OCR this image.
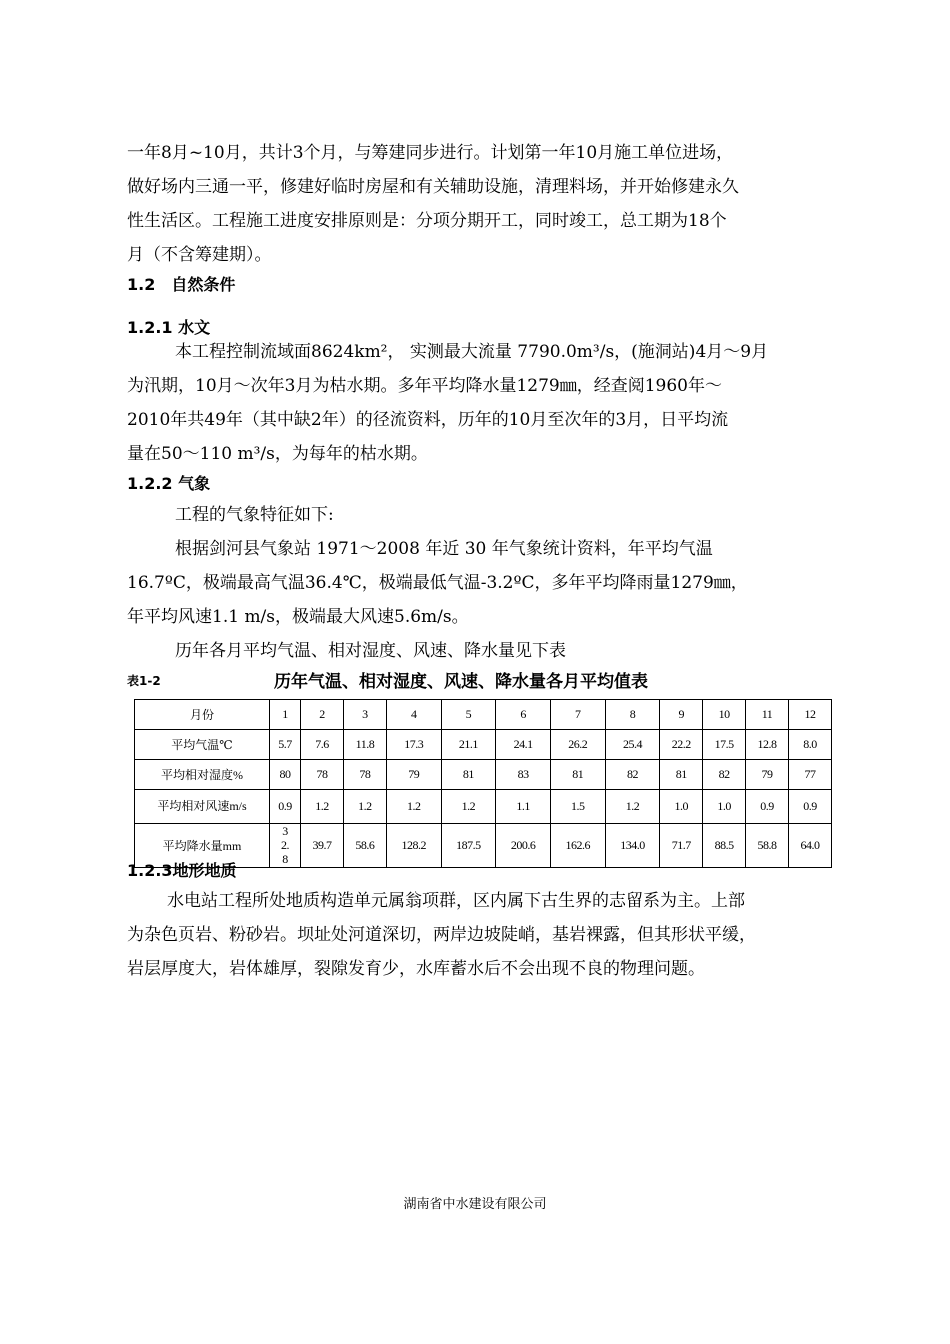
一年8月~10月，共计3个月，与筹建同步进行。计划第一年10月施工单位进场，
做好场内三通一平，修建好临时房屋和有关辅助设施，清理料场，并开始修建永久
性生活区。工程施工进度安排原则是：分项分期开工，同时竣工，总工期为18个
月（不含筹建期）。
1.2　自然条件
1.2.1 水文
本工程控制流域面8624km²， 实测最大流量 7790.0m³/s，(施洞站)4月～9月
为汛期，10月～次年3月为枯水期。多年平均降水量1279㎜，经查阅1960年～
2010年共49年（其中缺2年）的径流资料，历年的10月至次年的3月，日平均流
量在50～110 m³/s，为每年的枯水期。
1.2.2 气象
工程的气象特征如下:
根据剑河县气象站 1971～2008 年近 30 年气象统计资料，年平均气温
16.7ºC，极端最高气温36.4℃，极端最低气温-3.2ºC，多年平均降雨量1279㎜，
年平均风速1.1 m/s，极端最大风速5.6m/s。
历年各月平均气温、相对湿度、风速、降水量见下表
表1-2	历年气温、相对湿度、风速、降水量各月平均值表
月份	1	2	3	4	5	6	7	8	9	10	11	12
平均气温℃	5.7	7.6	11.8	17.3	21.1	24.1	26.2	25.4	22.2	17.5	12.8	8.0
平均相对湿度%	80	78	78	79	81	83	81	82	81	82	79	77
平均相对风速m/s	0.9	1.2	1.2	1.2	1.2	1.1	1.5	1.2	1.0	1.0	0.9	0.9
平均降水量mm	32.8	39.7	58.6	128.2	187.5	200.6	162.6	134.0	71.7	88.5	58.8	64.0
1.2.3地形地质
水电站工程所处地质构造单元属翁项群，区内属下古生界的志留系为主。上部
为杂色页岩、粉砂岩。坝址处河道深切，两岸边坡陡峭，基岩裸露，但其形状平缓，
岩层厚度大，岩体雄厚，裂隙发育少，水库蓄水后不会出现不良的物理问题。
湖南省中水建设有限公司
